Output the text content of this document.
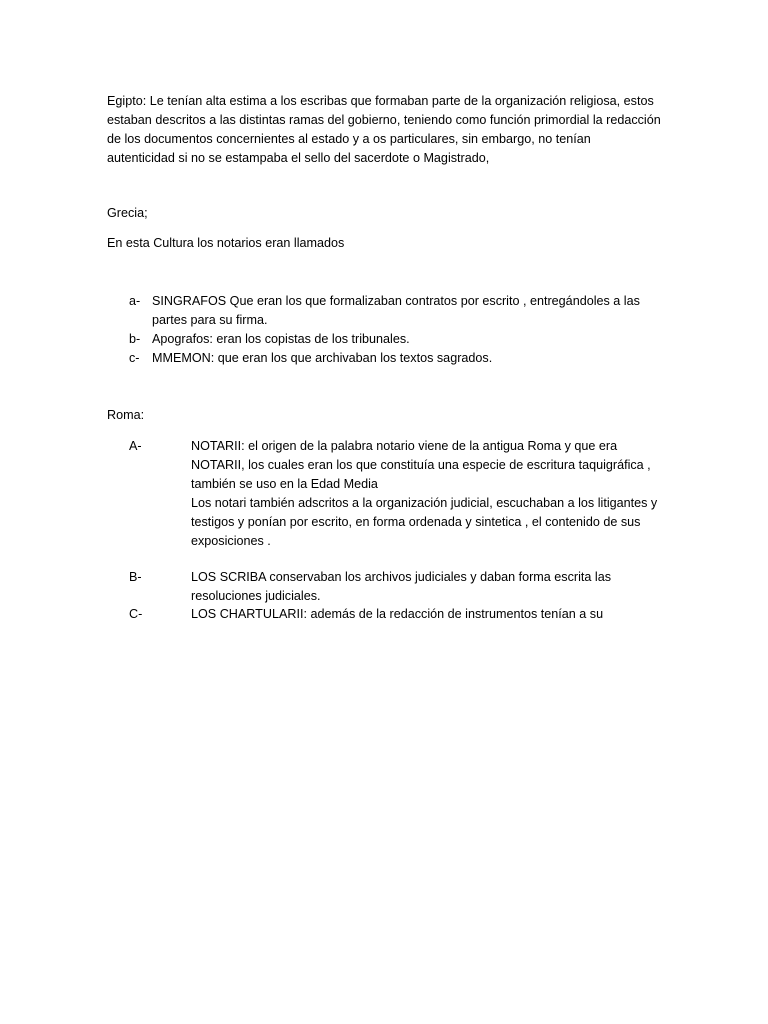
Egipto: Le tenían alta estima a los escribas que formaban parte de la organización religiosa, estos estaban descritos a las distintas ramas del gobierno, teniendo como función primordial la redacción de los documentos concernientes al estado y a os particulares, sin embargo, no tenían autenticidad si no se estampaba el sello del sacerdote o Magistrado,

Grecia;

En esta Cultura los notarios eran llamados

a- SINGRAFOS Que eran los que formalizaban contratos por escrito , entregándoles a las partes para su firma.
b- Apografos: eran los copistas de los tribunales.
c- MMEMON: que eran los que archivaban los textos sagrados.

Roma:

A-	NOTARII: el origen de la palabra notario viene de la antigua Roma y que era NOTARII, los cuales eran los que constituía una especie de escritura taquigráfica , también se uso en la Edad Media
Los notari también adscritos a la organización judicial, escuchaban a los litigantes y testigos y ponían por escrito, en forma ordenada y sintetica , el contenido de sus exposiciones .
B-	LOS SCRIBA conservaban los archivos judiciales y daban forma escrita las resoluciones judiciales.
C-	LOS CHARTULARII: además de la redacción de instrumentos tenían a su
